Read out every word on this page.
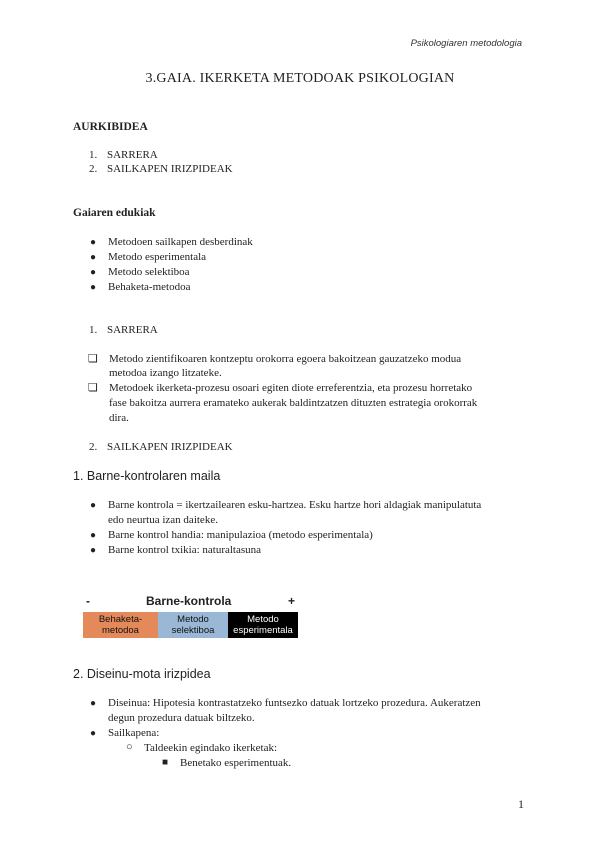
Psikologiaren metodologia
3.GAIA. IKERKETA METODOAK PSIKOLOGIAN
AURKIBIDEA
1. SARRERA
2. SAILKAPEN IRIZPIDEAK
Gaiaren edukiak
● Metodoen sailkapen desberdinak
● Metodo esperimentala
● Metodo selektiboa
● Behaketa-metodoa
1. SARRERA
❏ Metodo zientifikoaren kontzeptu orokorra egoera bakoitzean gauzatzeko modua
metodoa izango litzateke.
❏ Metodoek ikerketa-prozesu osoari egiten diote erreferentzia, eta prozesu horretako
fase bakoitza aurrera eramateko aukerak baldintzatzen dituzten estrategia orokorrak
dira.
2. SAILKAPEN IRIZPIDEAK
1. Barne-kontrolaren maila
● Barne kontrola = ikertzailearen esku-hartzea. Esku hartze hori aldagiak manipulatuta
edo neurtua izan daiteke.
● Barne kontrol handia: manipulazioa (metodo esperimentala)
● Barne kontrol txikia: naturaltasuna
-	Barne-kontrola	+
Behaketa-
metodoa
Metodo
selektiboa
Metodo
esperimentala
2. Diseinu-mota irizpidea
● Diseinua: Hipotesia kontrastatzeko funtsezko datuak lortzeko prozedura. Aukeratzen
degun prozedura datuak biltzeko.
● Sailkapena:
○ Taldeekin egindako ikerketak:
■ Benetako esperimentuak.
1
